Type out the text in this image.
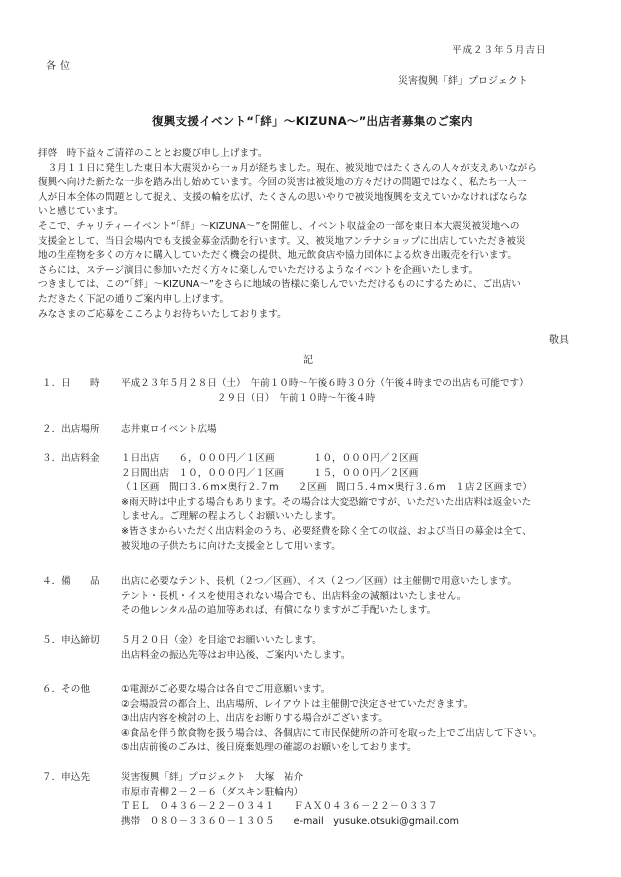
平成２３年５月吉日
各位
災害復興「絆」プロジェクト
復興支援イベント“「絆」～KIZUNA～”出店者募集のご案内

拝啓　時下益々ご清祥のこととお慶び申し上げます。

　３月１１日に発生した東日本大震災から一ヵ月が経ちました。現在、被災地ではたくさんの人々が支えあいながら

復興へ向けた新たな一歩を踏み出し始めています。今回の災害は被災地の方々だけの問題ではなく、私たち一人一

人が日本全体の問題として捉え、支援の輪を広げ、たくさんの思いやりで被災地復興を支えていかなければならな

いと感じています。

そこで、チャリティーイベント“「絆」～KIZUNA～”を開催し、イベント収益金の一部を東日本大震災被災地への

支援金として、当日会場内でも支援金募金活動を行います。又、被災地アンテナショップに出店していただき被災

地の生産物を多くの方々に購入していただく機会の提供、地元飲食店や協力団体による炊き出販売を行います。

さらには、ステージ演目に参加いただく方々に楽しんでいただけるようなイベントを企画いたします。

つきましては、この“「絆」～KIZUNA～”をさらに地域の皆様に楽しんでいただけるものにするために、ご出店い

ただきたく下記の通りご案内申し上げます。

みなさまのご応募をこころよりお待ちいたしております。

敬具
記
１．日　　時	平成２３年５月２８日（土）　午前１０時～午後６時３０分（午後４時までの出店も可能です）

　　　　　　　　　　２９日（日）　午前１０時～午後４時

２．出店場所	志井東ロイベント広場

３．出店料金	１日出店　　６，０００円／１区画　　　　１０，０００円／２区画

２日間出店　１０，０００円／１区画　　　１５，０００円／２区画

（１区画　間口３.６m×奥行２.７m　　２区画　間口５.４m×奥行３.６m　１店２区画まで）

※雨天時は中止する場合もあります。その場合は大変恐縮ですが、いただいた出店料は返金いた

しません。ご理解の程よろしくお願いいたします。

※皆さまからいただく出店料金のうち、必要経費を除く全ての収益、および当日の募金は全て、

被災地の子供たちに向けた支援金として用います。

４．備　　品	出店に必要なテント、長机（２つ／区画）、イス（２つ／区画）は主催側で用意いたします。

テント・長机・イスを使用されない場合でも、出店料金の減額はいたしません。

その他レンタル品の追加等あれば、有償になりますがご手配いたします。

５．申込締切	５月２０日（金）を目途でお願いいたします。

出店料金の振込先等はお申込後、ご案内いたします。

６．その他	①電源がご必要な場合は各自でご用意願います。

②会場設営の都合上、出店場所、レイアウトは主催側で決定させていただきます。

③出店内容を検討の上、出店をお断りする場合がございます。

④食品を伴う飲食物を扱う場合は、各個店にて市民保健所の許可を取った上でご出店して下さい。

⑤出店前後のごみは、後日廃棄処理の確認のお願いをしております。

７．申込先	災害復興「絆」プロジェクト　大塚　祐介

市原市青柳２－２－６（ダスキン駐輪内）

ＴＥＬ　０４３６－２２－０３４１　　ＦＡＸ０４３６－２２－０３３７

携帯　０８０－３３６０－１３０５　　e-mail　yusuke.otsuki@gmail.com
